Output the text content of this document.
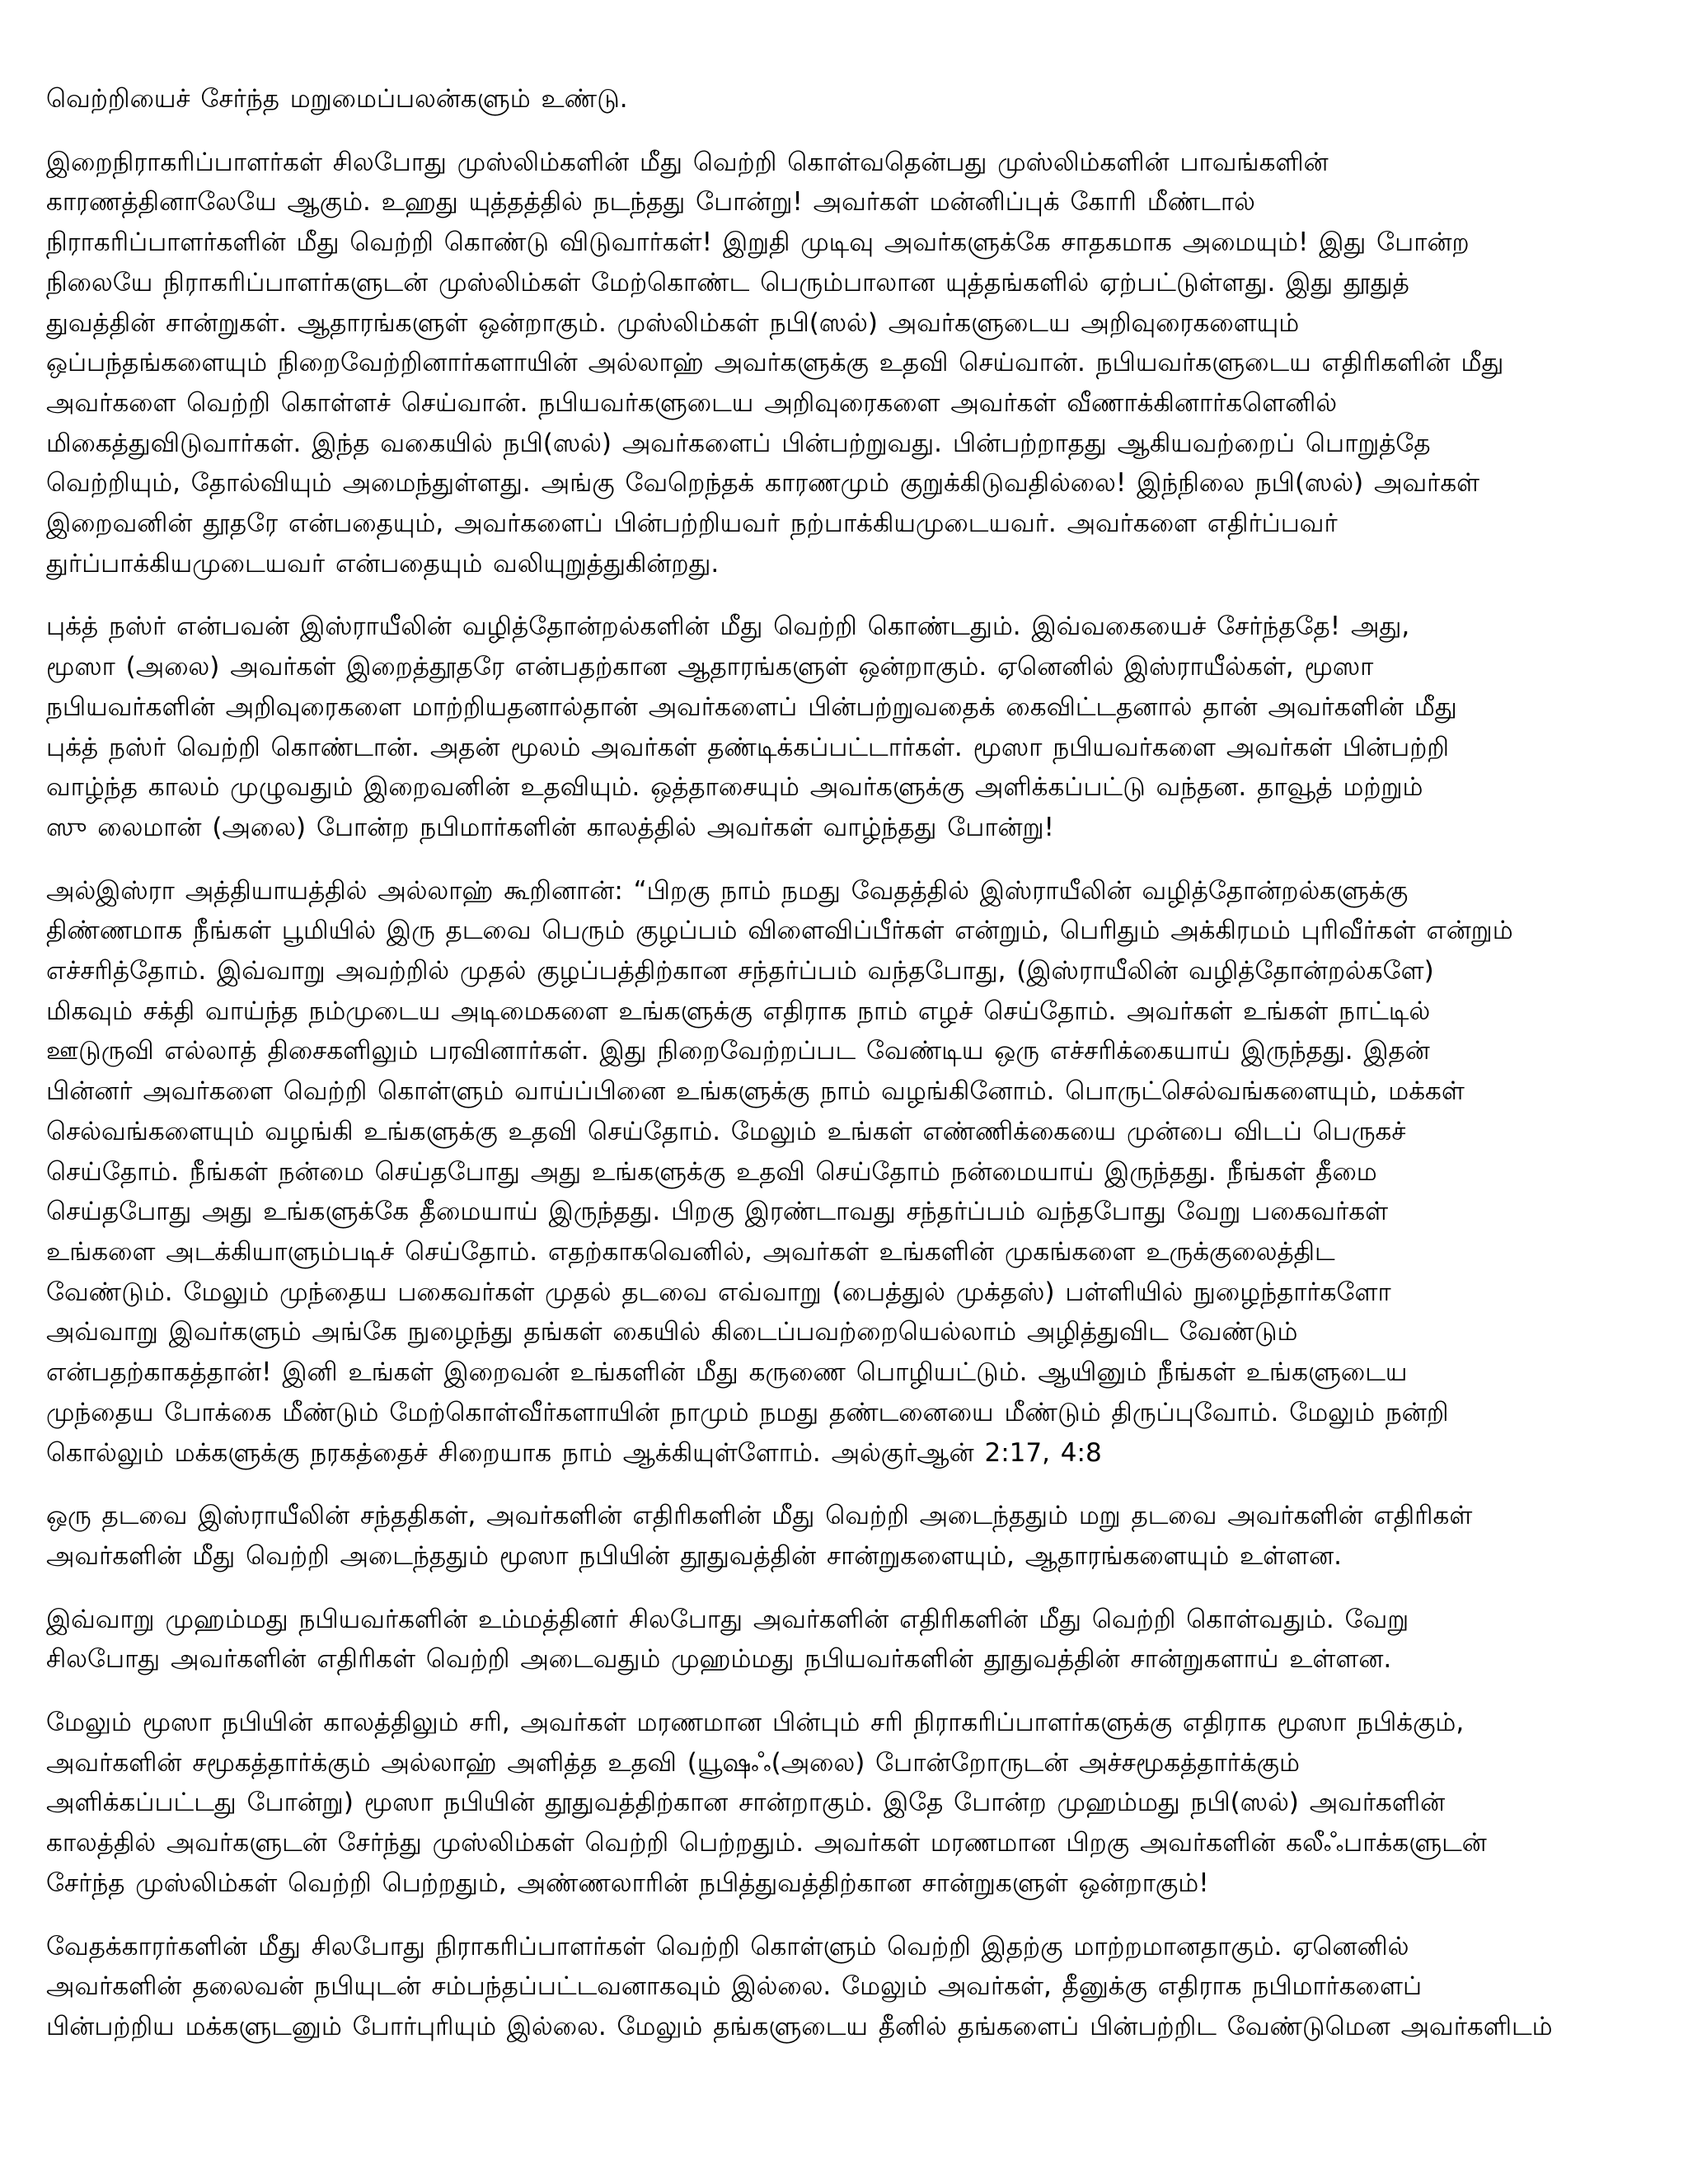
வெற்றியைச் சேர்ந்த மறுமைப்பலன்களும் உண்டு.

இறைநிராகரிப்பாளர்கள் சிலபோது முஸ்லிம்களின் மீது வெற்றி கொள்வதென்பது முஸ்லிம்களின் பாவங்களின்
காரணத்தினாலேயே ஆகும். உஹது யுத்தத்தில் நடந்தது போன்று! அவர்கள் மன்னிப்புக் கோரி மீண்டால்
நிராகரிப்பாளர்களின் மீது வெற்றி கொண்டு விடுவார்கள்! இறுதி முடிவு அவர்களுக்கே சாதகமாக அமையும்! இது போன்ற
நிலையே நிராகரிப்பாளர்களுடன் முஸ்லிம்கள் மேற்கொண்ட பெரும்பாலான யுத்தங்களில் ஏற்பட்டுள்ளது. இது தூதுத்
துவத்தின் சான்றுகள். ஆதாரங்களுள் ஒன்றாகும். முஸ்லிம்கள் நபி(ஸல்) அவர்களுடைய அறிவுரைகளையும்
ஒப்பந்தங்களையும் நிறைவேற்றினார்களாயின் அல்லாஹ் அவர்களுக்கு உதவி செய்வான். நபியவர்களுடைய எதிரிகளின் மீது
அவர்களை வெற்றி கொள்ளச் செய்வான். நபியவர்களுடைய அறிவுரைகளை அவர்கள் வீணாக்கினார்களெனில்
மிகைத்துவிடுவார்கள். இந்த வகையில் நபி(ஸல்) அவர்களைப் பின்பற்றுவது. பின்பற்றாதது ஆகியவற்றைப் பொறுத்தே
வெற்றியும், தோல்வியும் அமைந்துள்ளது. அங்கு வேறெந்தக் காரணமும் குறுக்கிடுவதில்லை! இந்நிலை நபி(ஸல்) அவர்கள்
இறைவனின் தூதரே என்பதையும், அவர்களைப் பின்பற்றியவர் நற்பாக்கியமுடையவர். அவர்களை எதிர்ப்பவர்
துர்ப்பாக்கியமுடையவர் என்பதையும் வலியுறுத்துகின்றது.

புக்த் நஸ்ர் என்பவன் இஸ்ராயீலின் வழித்தோன்றல்களின் மீது வெற்றி கொண்டதும். இவ்வகையைச் சேர்ந்ததே! அது,
மூஸா (அலை) அவர்கள் இறைத்தூதரே என்பதற்கான ஆதாரங்களுள் ஒன்றாகும். ஏனெனில் இஸ்ராயீல்கள், மூஸா
நபியவர்களின் அறிவுரைகளை மாற்றியதனால்தான் அவர்களைப் பின்பற்றுவதைக் கைவிட்டதனால் தான் அவர்களின் மீது
புக்த் நஸ்ர் வெற்றி கொண்டான். அதன் மூலம் அவர்கள் தண்டிக்கப்பட்டார்கள். மூஸா நபியவர்களை அவர்கள் பின்பற்றி
வாழ்ந்த காலம் முழுவதும் இறைவனின் உதவியும். ஒத்தாசையும் அவர்களுக்கு அளிக்கப்பட்டு வந்தன. தாவூத் மற்றும்
ஸு லைமான் (அலை) போன்ற நபிமார்களின் காலத்தில் அவர்கள் வாழ்ந்தது போன்று!

அல்இஸ்ரா அத்தியாயத்தில் அல்லாஹ் கூறினான்: “பிறகு நாம் நமது வேதத்தில் இஸ்ராயீலின் வழித்தோன்றல்களுக்கு
திண்ணமாக நீங்கள் பூமியில் இரு தடவை பெரும் குழப்பம் விளைவிப்பீர்கள் என்றும், பெரிதும் அக்கிரமம் புரிவீர்கள் என்றும்
எச்சரித்தோம். இவ்வாறு அவற்றில் முதல் குழப்பத்திற்கான சந்தர்ப்பம் வந்தபோது, (இஸ்ராயீலின் வழித்தோன்றல்களே)
மிகவும் சக்தி வாய்ந்த நம்முடைய அடிமைகளை உங்களுக்கு எதிராக நாம் எழச் செய்தோம். அவர்கள் உங்கள் நாட்டில்
ஊடுருவி எல்லாத் திசைகளிலும் பரவினார்கள். இது நிறைவேற்றப்பட வேண்டிய ஒரு எச்சரிக்கையாய் இருந்தது. இதன்
பின்னர் அவர்களை வெற்றி கொள்ளும் வாய்ப்பினை உங்களுக்கு நாம் வழங்கினோம். பொருட்செல்வங்களையும், மக்கள்
செல்வங்களையும் வழங்கி உங்களுக்கு உதவி செய்தோம். மேலும் உங்கள் எண்ணிக்கையை முன்பை விடப் பெருகச்
செய்தோம். நீங்கள் நன்மை செய்தபோது அது உங்களுக்கு உதவி செய்தோம் நன்மையாய் இருந்தது. நீங்கள் தீமை
செய்தபோது அது உங்களுக்கே தீமையாய் இருந்தது. பிறகு இரண்டாவது சந்தர்ப்பம் வந்தபோது வேறு பகைவர்கள்
உங்களை அடக்கியாளும்படிச் செய்தோம். எதற்காகவெனில், அவர்கள் உங்களின் முகங்களை உருக்குலைத்திட
வேண்டும். மேலும் முந்தைய பகைவர்கள் முதல் தடவை எவ்வாறு (பைத்துல் முக்தஸ்) பள்ளியில் நுழைந்தார்களோ
அவ்வாறு இவர்களும் அங்கே நுழைந்து தங்கள் கையில் கிடைப்பவற்றையெல்லாம் அழித்துவிட வேண்டும்
என்பதற்காகத்தான்! இனி உங்கள் இறைவன் உங்களின் மீது கருணை பொழியட்டும். ஆயினும் நீங்கள் உங்களுடைய
முந்தைய போக்கை மீண்டும் மேற்கொள்வீர்களாயின் நாமும் நமது தண்டனையை மீண்டும் திருப்புவோம். மேலும் நன்றி
கொல்லும் மக்களுக்கு நரகத்தைச் சிறையாக நாம் ஆக்கியுள்ளோம். அல்குர்ஆன் 2:17, 4:8

ஒரு தடவை இஸ்ராயீலின் சந்ததிகள், அவர்களின் எதிரிகளின் மீது வெற்றி அடைந்ததும் மறு தடவை அவர்களின் எதிரிகள்
அவர்களின் மீது வெற்றி அடைந்ததும் மூஸா நபியின் தூதுவத்தின் சான்றுகளையும், ஆதாரங்களையும் உள்ளன.

இவ்வாறு முஹம்மது நபியவர்களின் உம்மத்தினர் சிலபோது அவர்களின் எதிரிகளின் மீது வெற்றி கொள்வதும். வேறு
சிலபோது அவர்களின் எதிரிகள் வெற்றி அடைவதும் முஹம்மது நபியவர்களின் தூதுவத்தின் சான்றுகளாய் உள்ளன.

மேலும் மூஸா நபியின் காலத்திலும் சரி, அவர்கள் மரணமான பின்பும் சரி நிராகரிப்பாளர்களுக்கு எதிராக மூஸா நபிக்கும்,
அவர்களின் சமூகத்தார்க்கும் அல்லாஹ் அளித்த உதவி (யூஷஃ(அலை) போன்றோருடன் அச்சமூகத்தார்க்கும்
அளிக்கப்பட்டது போன்று) மூஸா நபியின் தூதுவத்திற்கான சான்றாகும். இதே போன்ற முஹம்மது நபி(ஸல்) அவர்களின்
காலத்தில் அவர்களுடன் சேர்ந்து முஸ்லிம்கள் வெற்றி பெற்றதும். அவர்கள் மரணமான பிறகு அவர்களின் கலீஃபாக்களுடன்
சேர்ந்த முஸ்லிம்கள் வெற்றி பெற்றதும், அண்ணலாரின் நபித்துவத்திற்கான சான்றுகளுள் ஒன்றாகும்!

வேதக்காரர்களின் மீது சிலபோது நிராகரிப்பாளர்கள் வெற்றி கொள்ளும் வெற்றி இதற்கு மாற்றமானதாகும். ஏனெனில்
அவர்களின் தலைவன் நபியுடன் சம்பந்தப்பட்டவனாகவும் இல்லை. மேலும் அவர்கள், தீனுக்கு எதிராக நபிமார்களைப்
பின்பற்றிய மக்களுடனும் போர்புரியும் இல்லை. மேலும் தங்களுடைய தீனில் தங்களைப் பின்பற்றிட வேண்டுமென அவர்களிடம்
